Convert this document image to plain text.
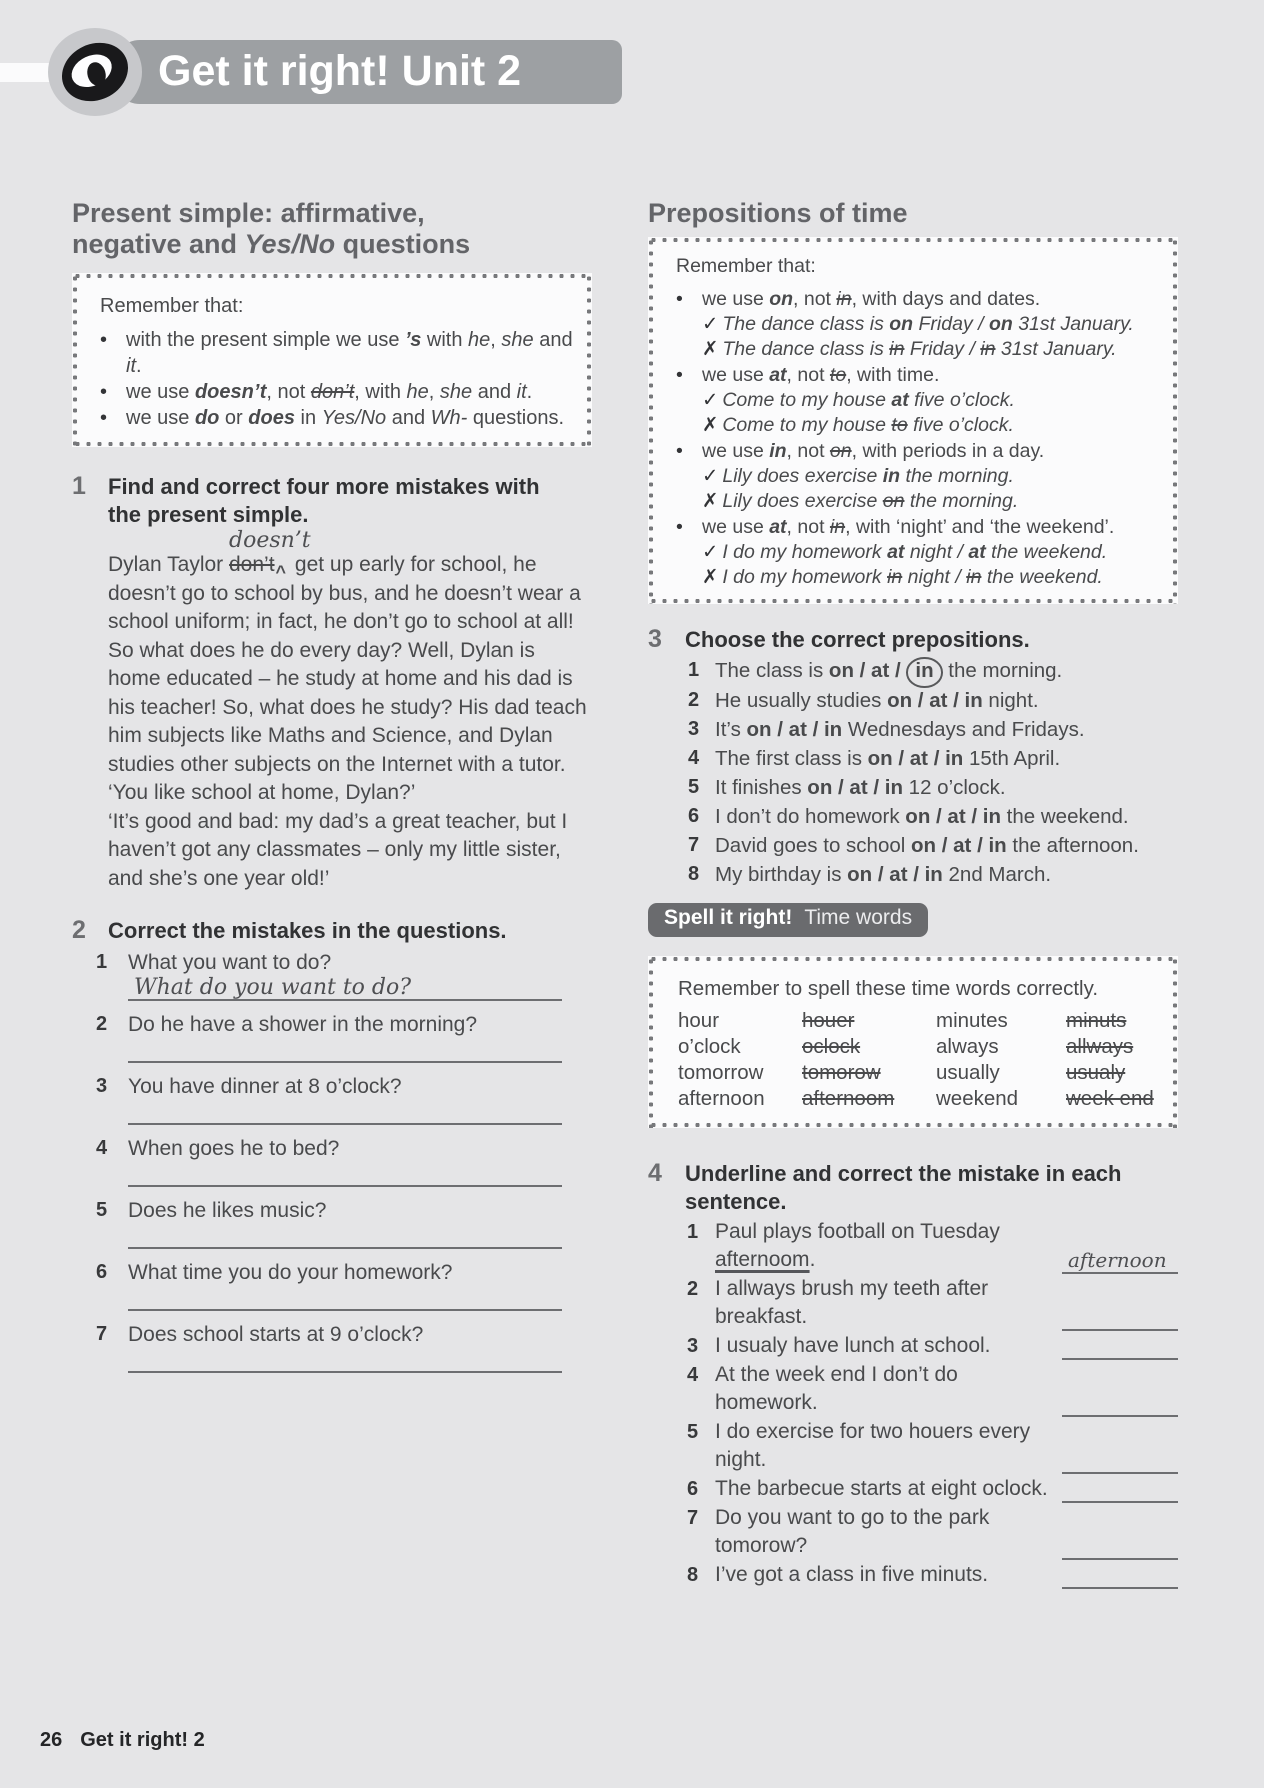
Get it right! Unit 2
Present simple: affirmative, negative and Yes/No questions

Remember that:

• with the present simple we use ’s with he, she and it.
• we use doesn’t, not don’t, with he, she and it.
• we use do or does in Yes/No and Wh- questions.
1 Find and correct four more mistakes with the present simple.

Dylan Taylor doesn’tdon’t^ get up early for school, he doesn’t go to school by bus, and he doesn’t wear a school uniform; in fact, he don’t go to school at all! So what does he do every day? Well, Dylan is home educated – he study at home and his dad is his teacher! So, what does he study? His dad teach him subjects like Maths and Science, and Dylan studies other subjects on the Internet with a tutor.

‘You like school at home, Dylan?’

‘It’s good and bad: my dad’s a great teacher, but I haven’t got any classmates – only my little sister, and she’s one year old!’

2 Correct the mistakes in the questions.
1 What you want to do?
What do you want to do?
2 Do he have a shower in the morning?
3 You have dinner at 8 o’clock?
4 When goes he to bed?
5 Does he likes music?
6 What time you do your homework?
7 Does school starts at 9 o’clock?
Prepositions of time

Remember that:

• we use on, not in, with days and dates.

✓ The dance class is on Friday / on 31st January.

✗ The dance class is in Friday / in 31st January.

• we use at, not to, with time.

✓ Come to my house at five o’clock.

✗ Come to my house to five o’clock.

• we use in, not on, with periods in a day.

✓ Lily does exercise in the morning.

✗ Lily does exercise on the morning.

• we use at, not in, with ‘night’ and ‘the weekend’.

✓ I do my homework at night / at the weekend.

✗ I do my homework in night / in the weekend.

3 Choose the correct prepositions.
1 The class is on / at / in the morning.
2 He usually studies on / at / in night.
3 It’s on / at / in Wednesdays and Fridays.
4 The first class is on / at / in 15th April.
5 It finishes on / at / in 12 o’clock.
6 I don’t do homework on / at / in the weekend.
7 David goes to school on / at / in the afternoon.
8 My birthday is on / at / in 2nd March.
Spell it right! Time words

Remember to spell these time words correctly.

hour	houer	minutes	minuts
o’clock	oclock	always	allways
tomorrow	tomorow	usually	usualy
afternoon	afternoom	weekend	week end
4 Underline and correct the mistake in each sentence.
1 Paul plays football on Tuesday afternoom.	afternoon
2 I allways brush my teeth after breakfast.
3 I usualy have lunch at school.
4 At the week end I don’t do homework.
5 I do exercise for two houers every night.
6 The barbecue starts at eight oclock.
7 Do you want to go to the park tomorow?
8 I’ve got a class in five minuts.
26 Get it right! 2
